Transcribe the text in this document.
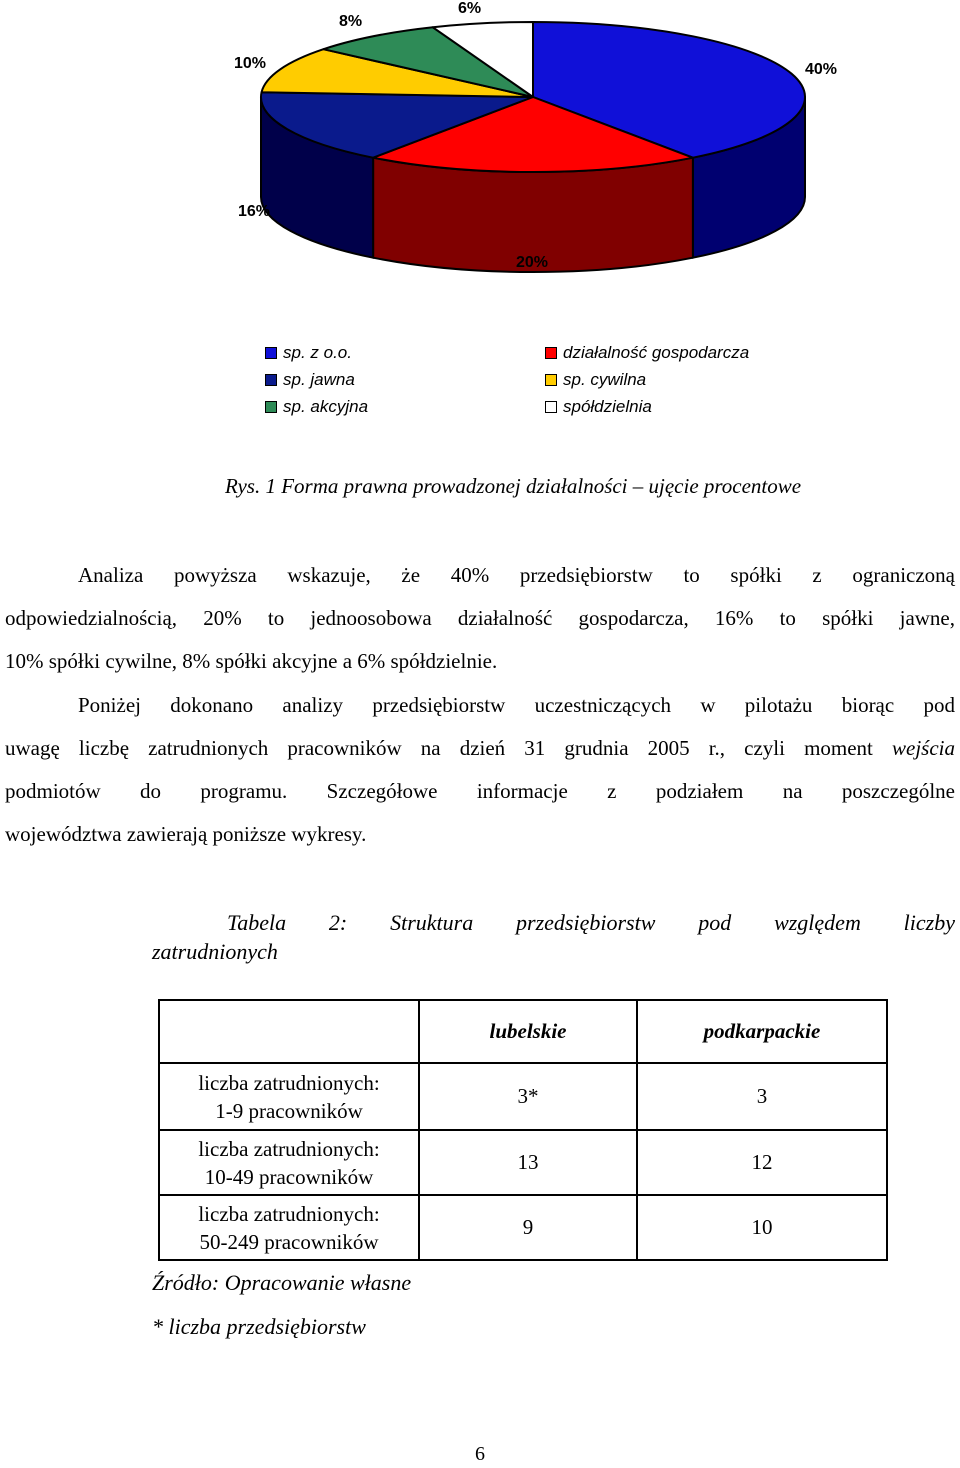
40%
20%
16%
10%
8%
6%
sp. z o.o.
sp. jawna
sp. akcyjna
działalność gospodarcza
sp. cywilna
spółdzielnia
Rys. 1 Forma prawna prowadzonej działalności – ujęcie procentowe
Analiza powyższa wskazuje, że 40% przedsiębiorstw to spółki z ograniczoną
odpowiedzialnością, 20% to jednoosobowa działalność gospodarcza, 16% to spółki jawne,
10% spółki cywilne, 8% spółki akcyjne a 6% spółdzielnie.
Poniżej dokonano analizy przedsiębiorstw uczestniczących w pilotażu biorąc pod
uwagę liczbę zatrudnionych pracowników na dzień 31 grudnia 2005 r., czyli moment wejścia
podmiotów do programu. Szczegółowe informacje z podziałem na poszczególne
województwa zawierają poniższe wykresy.
Tabela 2: Struktura przedsiębiorstw pod względem liczby
zatrudnionych
	lubelskie	podkarpackie

liczba zatrudnionych:
1-9 pracowników	3*	3

liczba zatrudnionych:
10-49 pracowników	13	12

liczba zatrudnionych:
50-249 pracowników	9	10
Źródło: Opracowanie własne
* liczba przedsiębiorstw
6
